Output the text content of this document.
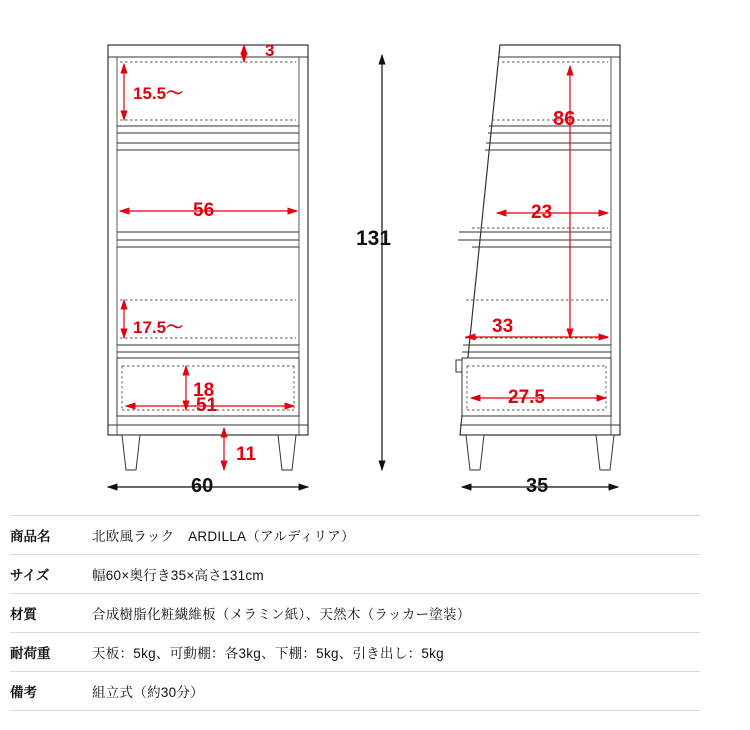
3
15.5〜
56
17.5〜
18
51
11
60
131
86
23
33
27.5
35
商品名	北欧風ラック　ARDILLA（アルディリア）
サイズ	幅60×奥行き35×高さ131cm
材質	合成樹脂化粧繊維板（メラミン紙）、天然木（ラッカー塗装）
耐荷重	天板：5kg、可動棚：各3kg、下棚：5kg、引き出し：5kg
備考	組立式（約30分）
